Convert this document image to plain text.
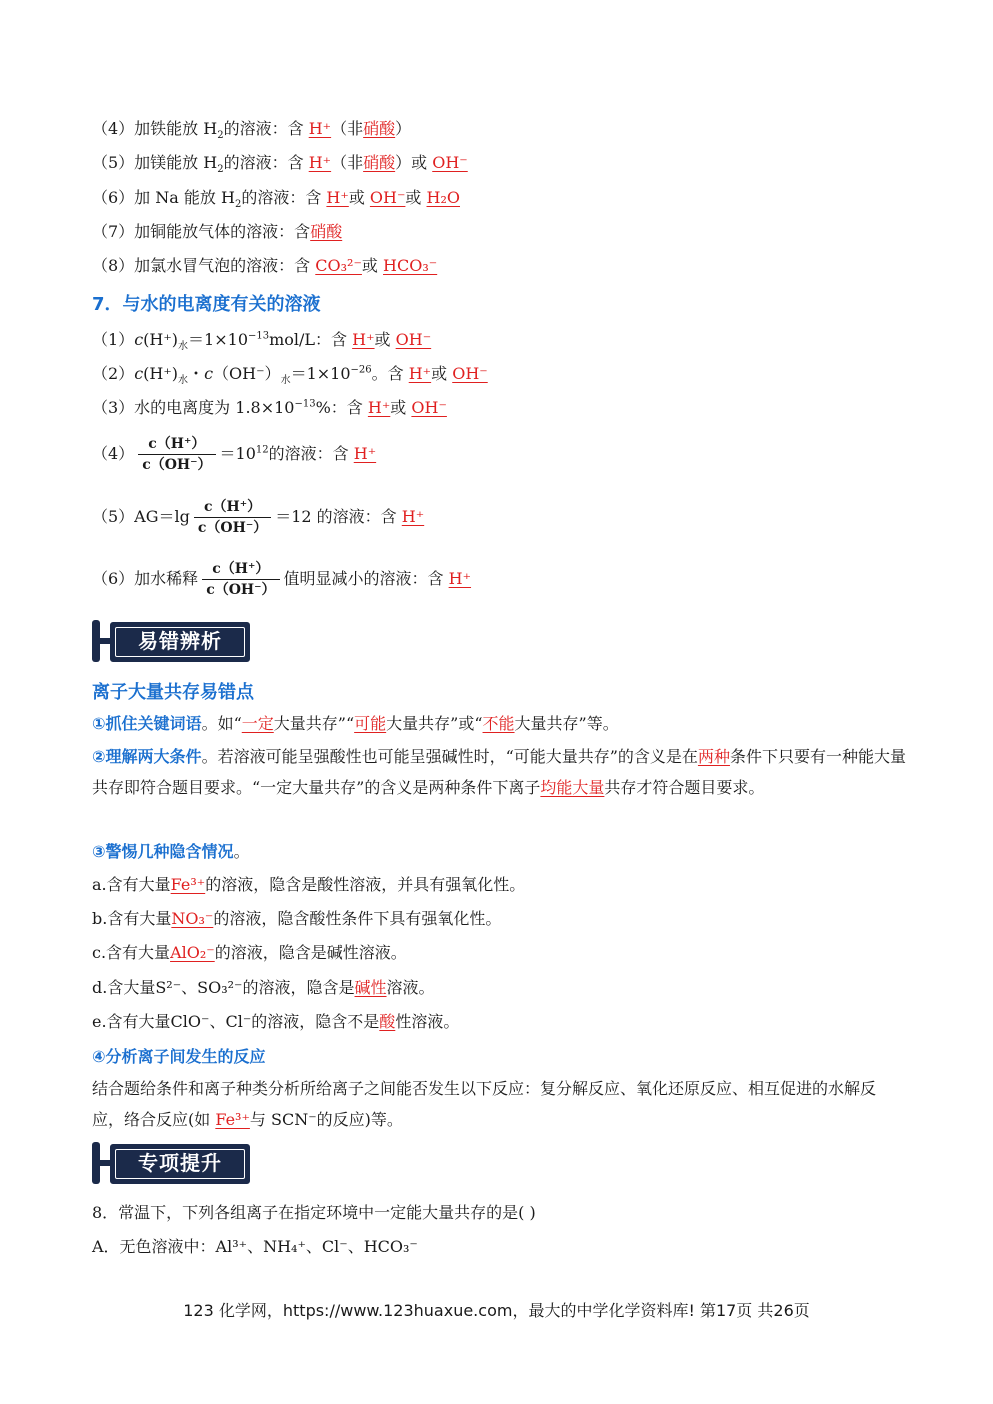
（4）加铁能放 $H_2$的溶液：含 H⁺（非硝酸）
（5）加镁能放 $H_2$的溶液：含 H⁺（非硝酸）或 OH⁻
（6）加 Na 能放 $H_2$的溶液：含 H⁺或 OH⁻或 H₂O
（7）加铜能放气体的溶液：含硝酸
（8）加氯水冒气泡的溶液：含 CO₃²⁻或 HCO₃⁻
7．与水的电离度有关的溶液
$(1)c(H^+)_水=1\times 10^{-13}mol/L$：含 H⁺或 OH⁻
$(2)c(H^+)_水$・$c(OH^-)_水=1\times 10^{-26}$。含 H⁺或 OH⁻
（3）水的电离度为 $1.8\times 10^{-13}\%$：含 H⁺或 OH⁻
$(4) \frac{c(H^+)}{c(OH^-)} =10^{12}$的溶液：含 H⁺
$(5)AG=\lg \frac{c(H^+)}{c(OH^-)} =12$ 的溶液：含 H⁺
（6）加水稀释 $\frac{c(H^+)}{c(OH^-)}$ 值明显减小的溶液：含 H⁺
易错辨析
离子大量共存易错点
①抓住关键词语。如“一定大量共存”“可能大量共存”或“不能大量共存”等。
②理解两大条件。若溶液可能呈强酸性也可能呈强碱性时，“可能大量共存”的含义是在两种条件下只要有一种能大量共存即符合题目要求。“一定大量共存”的含义是两种条件下离子均能大量共存才符合题目要求。
③警惕几种隐含情况。
a.含有大量Fe³⁺的溶液，隐含是酸性溶液，并具有强氧化性。
b.含有大量NO₃⁻的溶液，隐含酸性条件下具有强氧化性。
c.含有大量AlO₂⁻的溶液，隐含是碱性溶液。
d.含大量S²⁻、SO₃²⁻的溶液，隐含是碱性溶液。
e.含有大量ClO⁻、Cl⁻的溶液，隐含不是酸性溶液。
④分析离子间发生的反应
结合题给条件和离子种类分析所给离子之间能否发生以下反应：复分解反应、氧化还原反应、相互促进的水解反应，络合反应(如 Fe³⁺与 SCN⁻的反应)等。
专项提升
8．常温下，下列各组离子在指定环境中一定能大量共存的是( )
A．无色溶液中：Al³⁺、NH₄⁺、Cl⁻、HCO₃⁻
123 化学网，https://www.123huaxue.com，最大的中学化学资料库! 第17页 共26页
